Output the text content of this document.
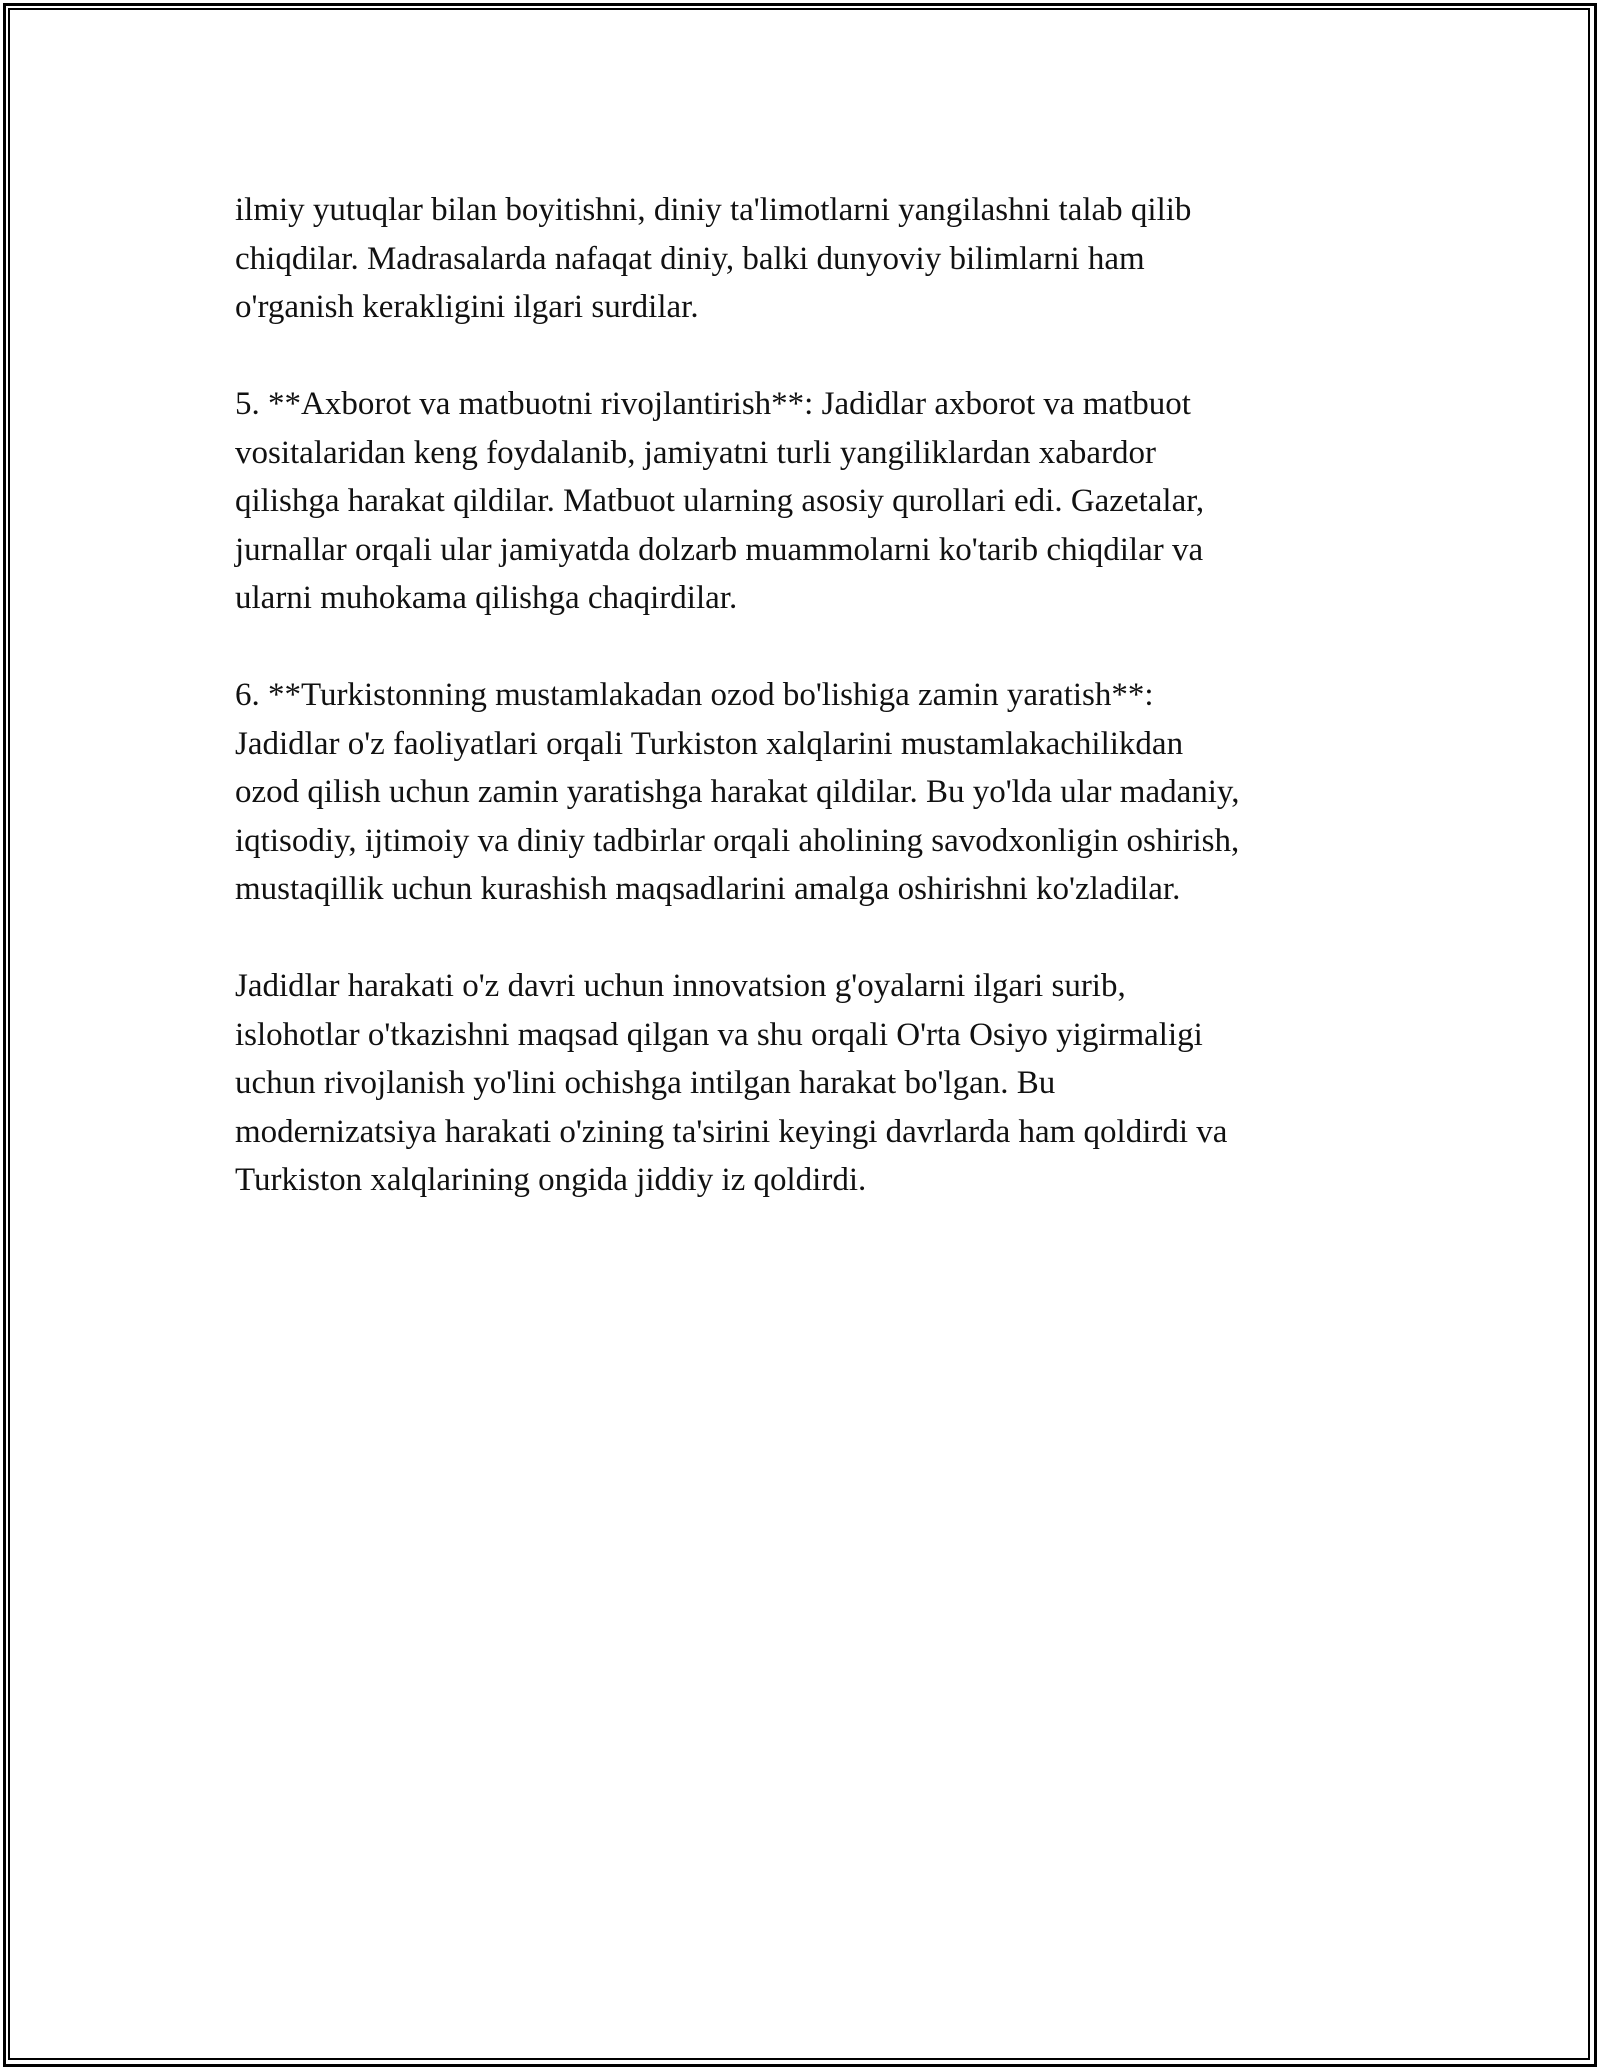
ilmiy yutuqlar bilan boyitishni, diniy ta'limotlarni yangilashni talab qilib
chiqdilar. Madrasalarda nafaqat diniy, balki dunyoviy bilimlarni ham
o'rganish kerakligini ilgari surdilar.

5. **Axborot va matbuotni rivojlantirish**: Jadidlar axborot va matbuot
vositalaridan keng foydalanib, jamiyatni turli yangiliklardan xabardor
qilishga harakat qildilar. Matbuot ularning asosiy qurollari edi. Gazetalar,
jurnallar orqali ular jamiyatda dolzarb muammolarni ko'tarib chiqdilar va
ularni muhokama qilishga chaqirdilar.

6. **Turkistonning mustamlakadan ozod bo'lishiga zamin yaratish**:
Jadidlar o'z faoliyatlari orqali Turkiston xalqlarini mustamlakachilikdan
ozod qilish uchun zamin yaratishga harakat qildilar. Bu yo'lda ular madaniy,
iqtisodiy, ijtimoiy va diniy tadbirlar orqali aholining savodxonligin oshirish,
mustaqillik uchun kurashish maqsadlarini amalga oshirishni ko'zladilar.

Jadidlar harakati o'z davri uchun innovatsion g'oyalarni ilgari surib,
islohotlar o'tkazishni maqsad qilgan va shu orqali O'rta Osiyo yigirmaligi
uchun rivojlanish yo'lini ochishga intilgan harakat bo'lgan. Bu
modernizatsiya harakati o'zining ta'sirini keyingi davrlarda ham qoldirdi va
Turkiston xalqlarining ongida jiddiy iz qoldirdi.
